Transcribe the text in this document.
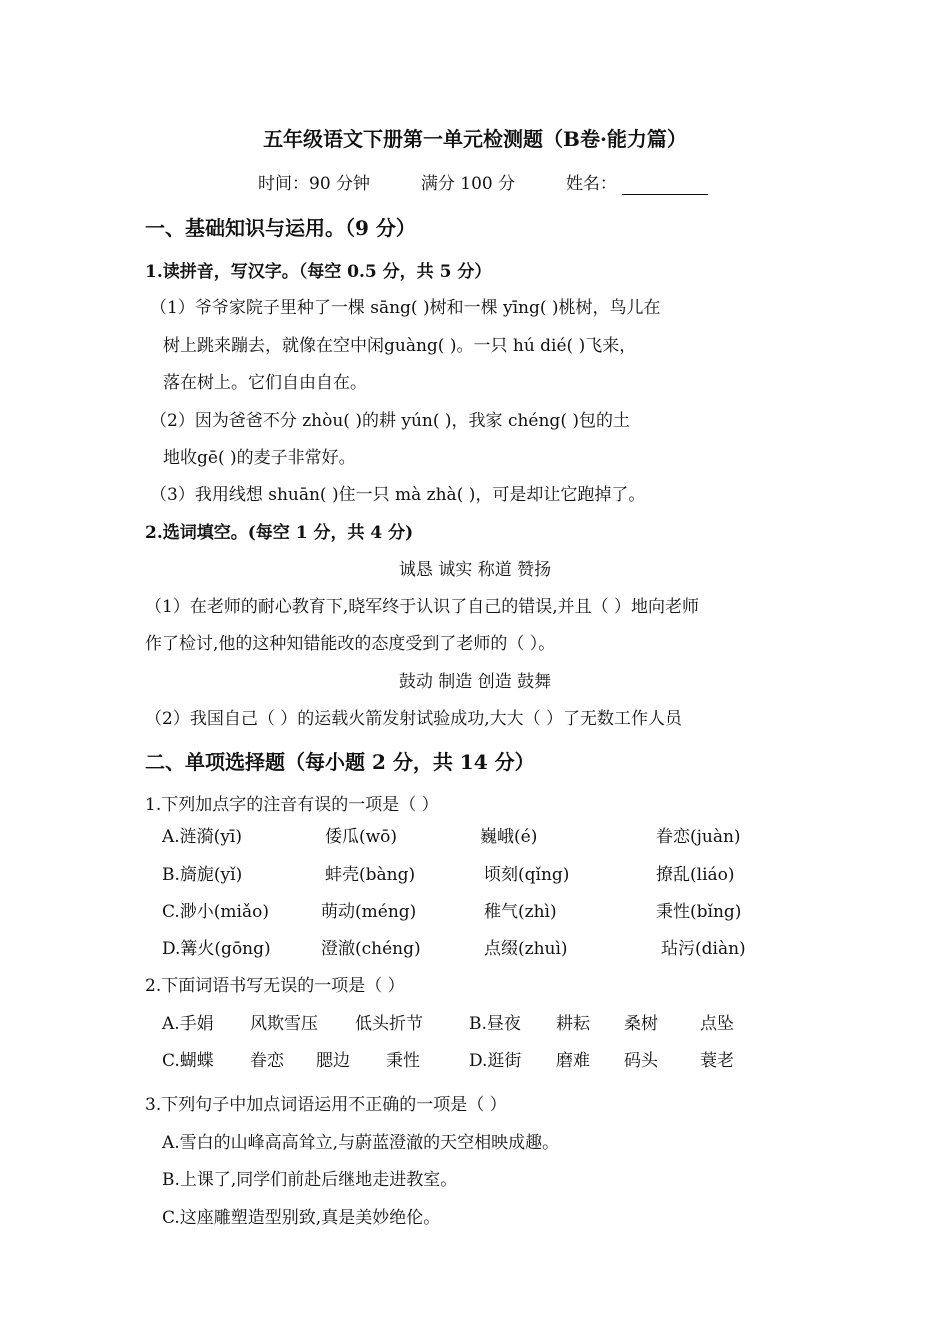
五年级语文下册第一单元检测题（B卷·能力篇）
时间：90 分钟	满分 100 分	姓名：
一、基础知识与运用。（9 分）
1.读拼音，写汉字。（每空 0.5 分，共 5 分）
（1）爷爷家院子里种了一棵 sāng( )树和一棵 yīng( )桃树，鸟儿在
树上跳来蹦去，就像在空中闲guàng( )。一只 hú dié( )飞来，
落在树上。它们自由自在。
（2）因为爸爸不分 zhòu( )的耕 yún( )，我家 chéng( )包的土
地收gē( )的麦子非常好。
（3）我用线想 shuān( )住一只 mà zhà( )，可是却让它跑掉了。
2.选词填空。(每空 1 分，共 4 分)
诚恳 诚实 称道 赞扬
（1）在老师的耐心教育下,晓军终于认识了自己的错误,并且（ ）地向老师
作了检讨,他的这种知错能改的态度受到了老师的（ ）。
鼓动 制造 创造 鼓舞
（2）我国自己（ ）的运载火箭发射试验成功,大大（ ）了无数工作人员
二、单项选择题（每小题 2 分，共 14 分）
1.下列加点字的注音有误的一项是（ ）
A.涟漪(yī)	倭瓜(wō)	巍峨(é)	眷恋(juàn)
B.旖旎(yǐ)	蚌壳(bàng)	顷刻(qǐng)	撩乱(liáo)
C.渺小(miǎo)	萌动(méng)	稚气(zhì)	秉性(bǐng)
D.篝火(gōng)	澄澈(chéng)	点缀(zhuì)	玷污(diàn)
2.下面词语书写无误的一项是（ ）
A.手娟 风欺雪压 低头折节	B.昼夜 耕耘 桑树 点坠
C.蝴蝶 眷恋 腮边 秉性	D.逛街 磨难 码头 蓑老
3.下列句子中加点词语运用不正确的一项是（ ）
A.雪白的山峰高高耸立,与蔚蓝澄澈的天空相映成趣。
B.上课了,同学们前赴后继地走进教室。
C.这座雕塑造型别致,真是美妙绝伦。
